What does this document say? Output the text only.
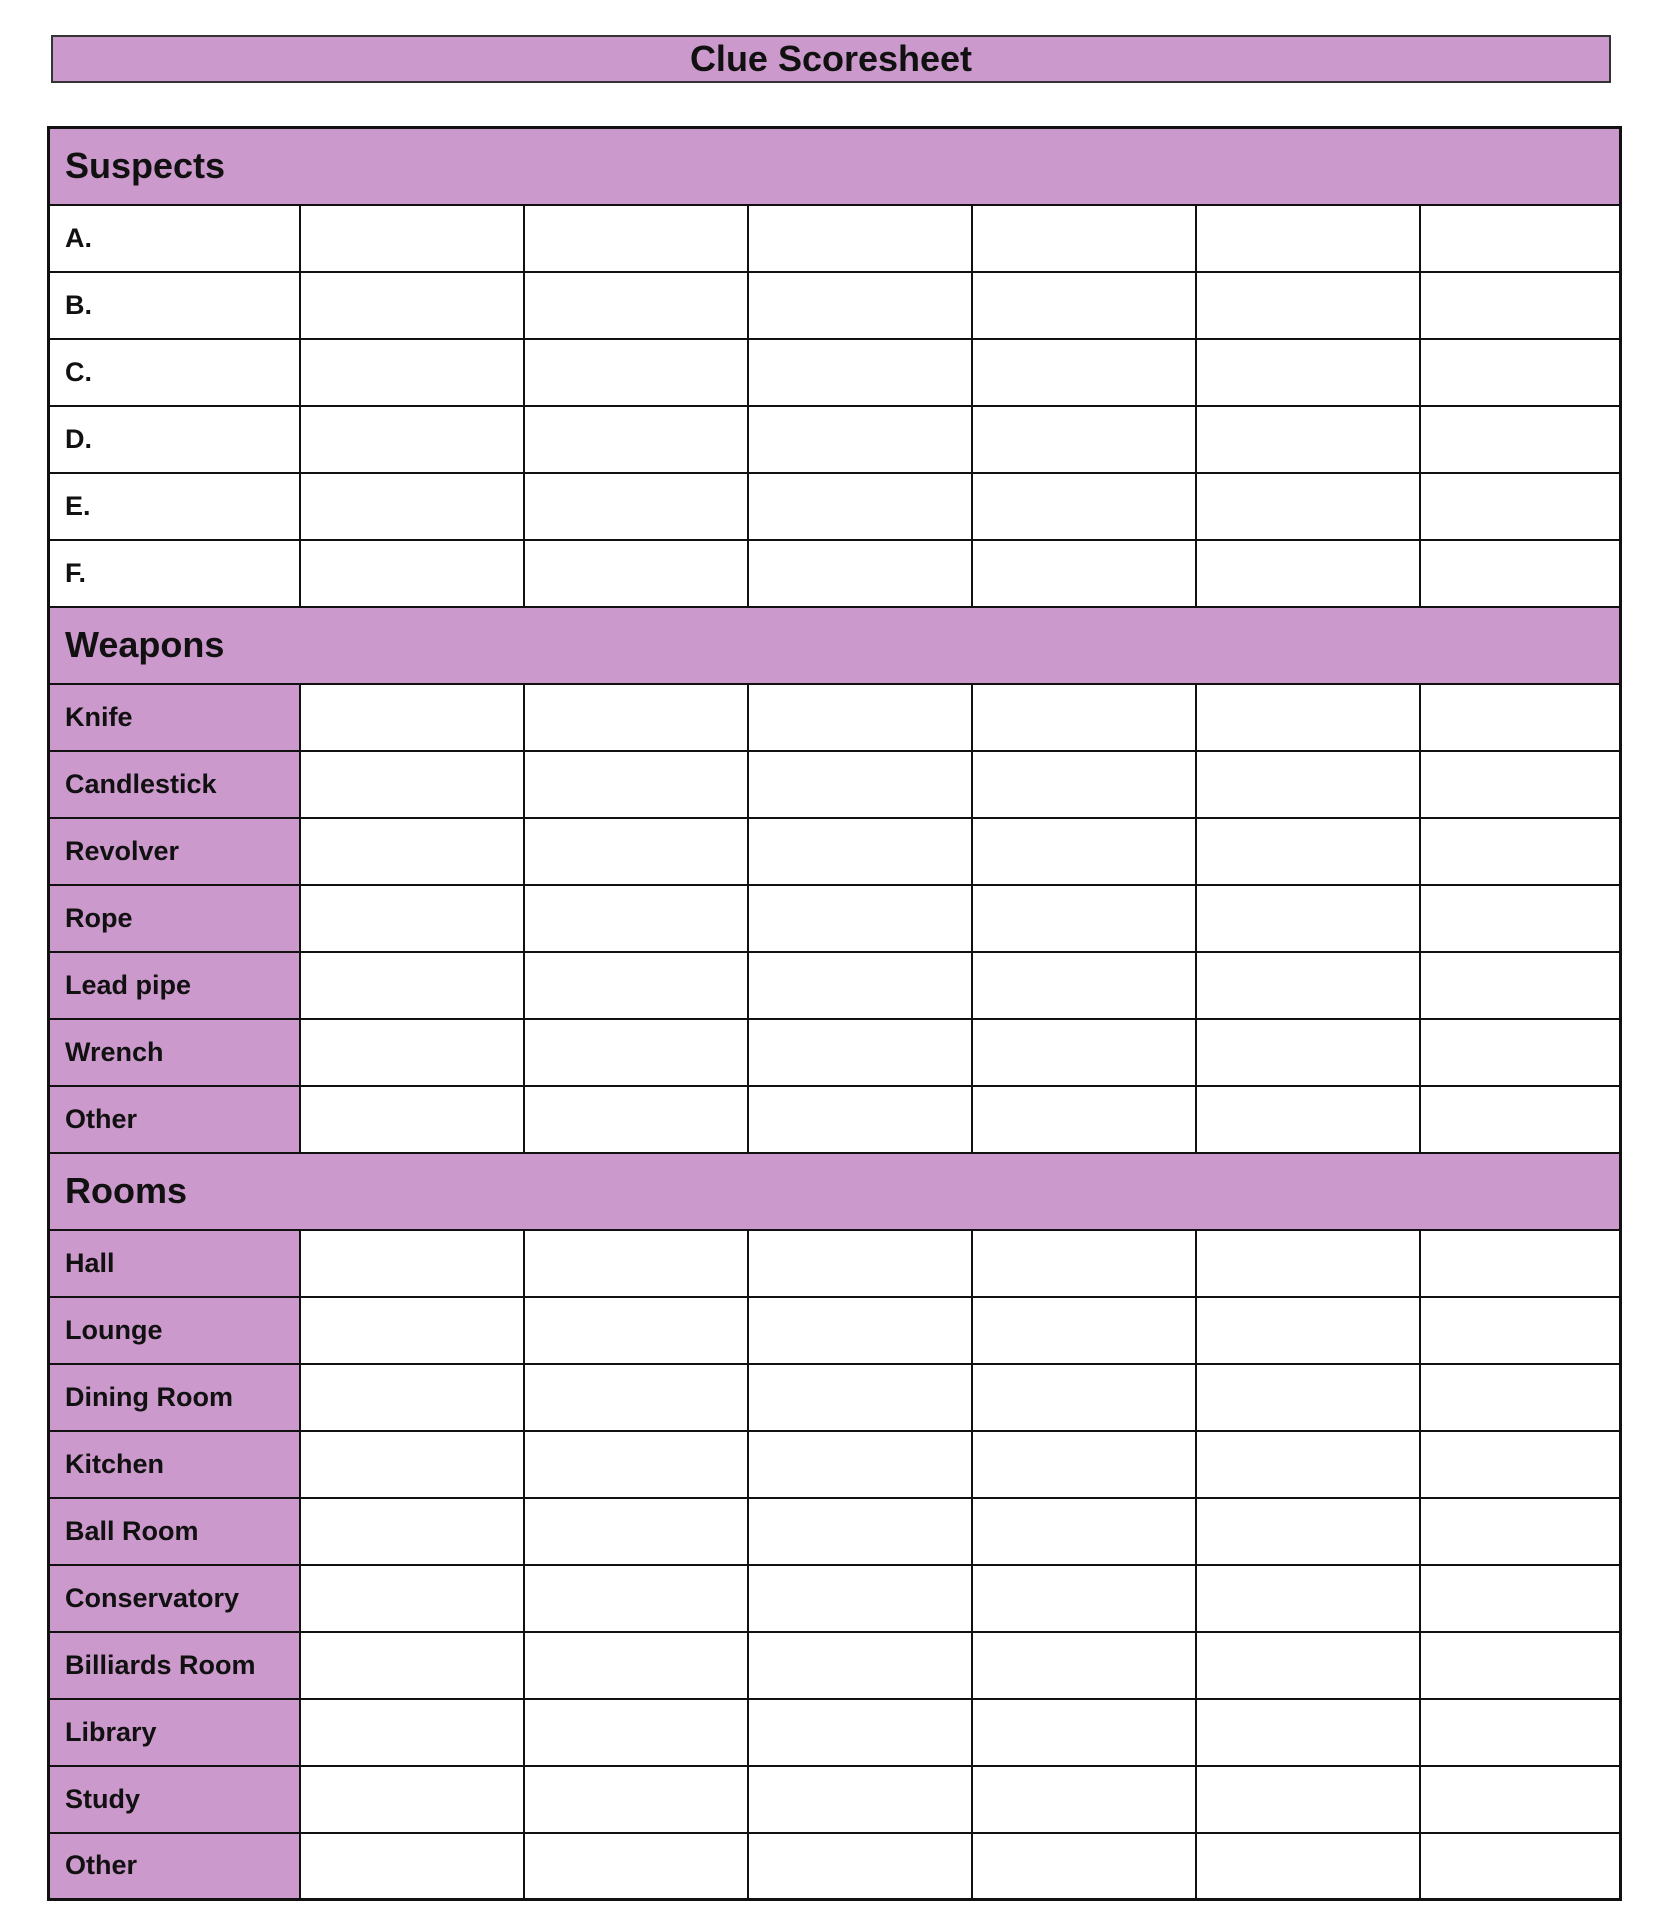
Clue Scoresheet
Suspects						
A.						
B.						
C.						
D.						
E.						
F.						
Weapons						
Knife						
Candlestick						
Revolver						
Rope						
Lead pipe						
Wrench						
Other						
Rooms						
Hall						
Lounge						
Dining Room						
Kitchen						
Ball Room						
Conservatory						
Billiards Room						
Library						
Study						
Other						
